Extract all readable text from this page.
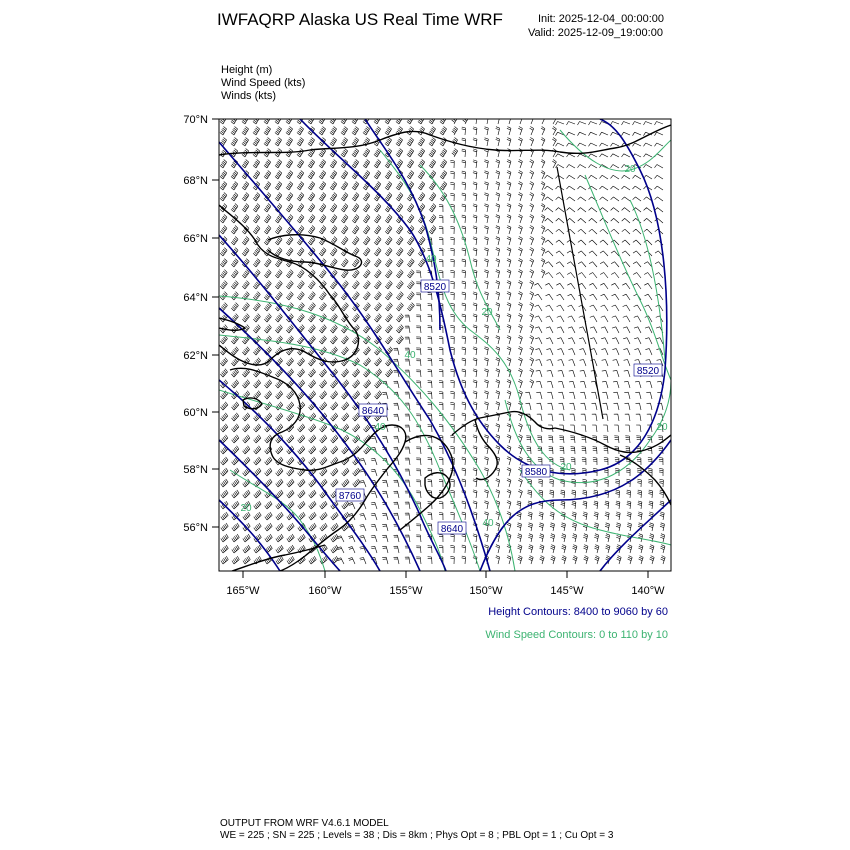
IWFAQRP Alaska US Real Time WRF	Init: 2025-12-04_00:00:00
Valid: 2025-12-09_19:00:00
Height (m)
Wind Speed (kts)
Winds (kts)
8520
8640
8760
8640
8580
8520
40
20
40
40
20
40
20
20
20
70°N
68°N
66°N
64°N
62°N
60°N
58°N
56°N
165°W	160°W	155°W	150°W	145°W	140°W
Height Contours: 8400 to 9060 by 60
Wind Speed Contours: 0 to 110 by 10
OUTPUT FROM WRF V4.6.1 MODEL
WE = 225 ; SN = 225 ; Levels = 38 ; Dis = 8km ; Phys Opt = 8 ; PBL Opt = 1 ; Cu Opt = 3
